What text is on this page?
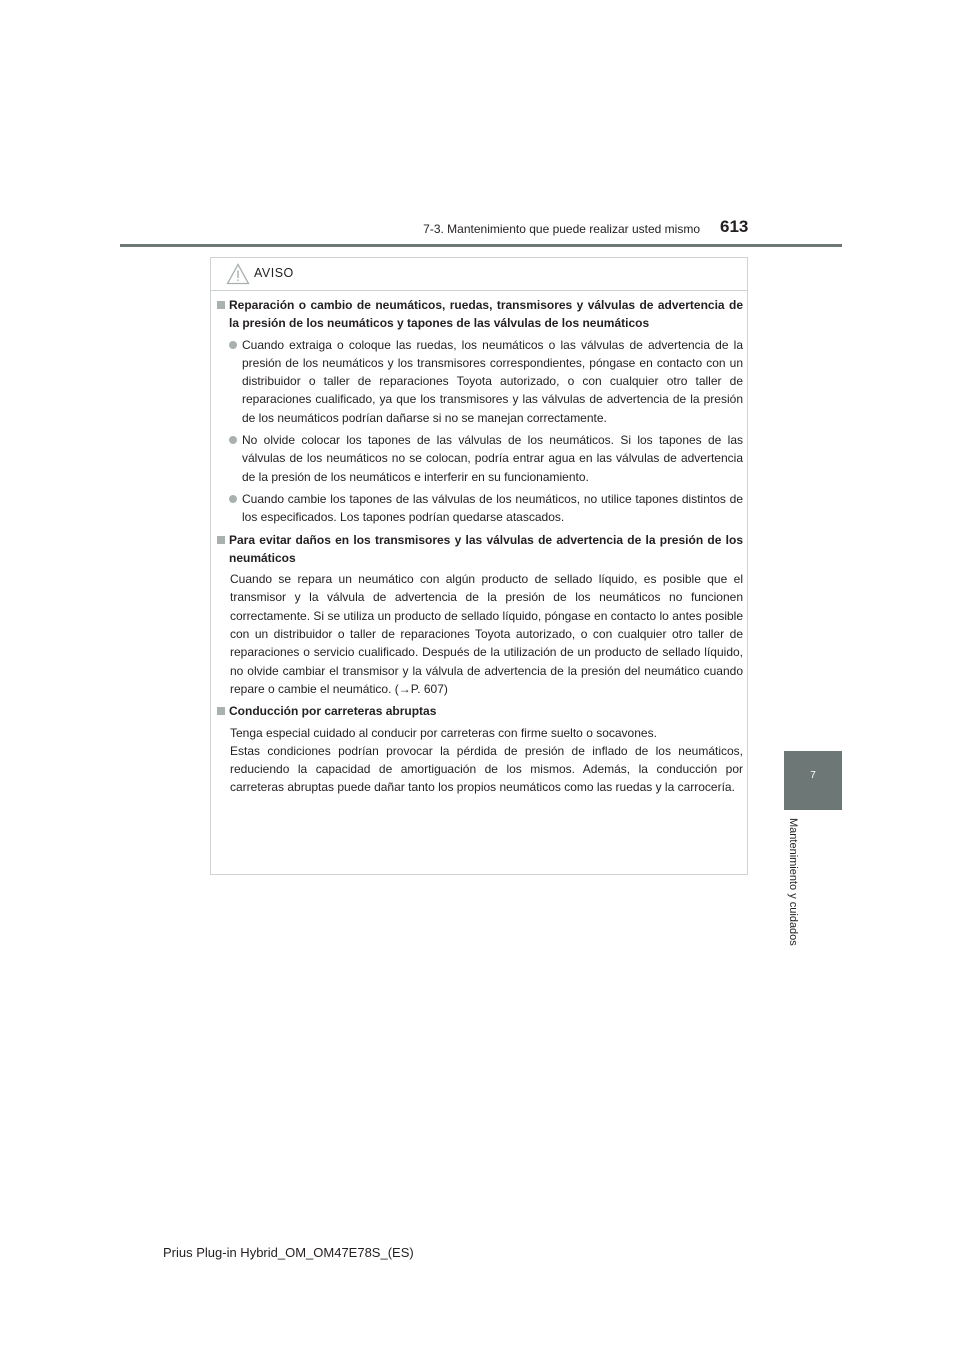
7-3. Mantenimiento que puede realizar usted mismo 613
7
Mantenimiento y cuidados
AVISO
Reparación o cambio de neumáticos, ruedas, transmisores y válvulas de advertencia de la presión de los neumáticos y tapones de las válvulas de los neumáticos
Cuando extraiga o coloque las ruedas, los neumáticos o las válvulas de advertencia de la presión de los neumáticos y los transmisores correspondientes, póngase en contacto con un distribuidor o taller de reparaciones Toyota autorizado, o con cualquier otro taller de reparaciones cualificado, ya que los transmisores y las válvulas de advertencia de la presión de los neumáticos podrían dañarse si no se manejan correctamente.
No olvide colocar los tapones de las válvulas de los neumáticos. Si los tapones de las válvulas de los neumáticos no se colocan, podría entrar agua en las válvulas de advertencia de la presión de los neumáticos e interferir en su funcionamiento.
Cuando cambie los tapones de las válvulas de los neumáticos, no utilice tapones distintos de los especificados. Los tapones podrían quedarse atascados.
Para evitar daños en los transmisores y las válvulas de advertencia de la presión de los neumáticos
Cuando se repara un neumático con algún producto de sellado líquido, es posible que el transmisor y la válvula de advertencia de la presión de los neumáticos no funcionen correctamente. Si se utiliza un producto de sellado líquido, póngase en contacto lo antes posible con un distribuidor o taller de reparaciones Toyota autorizado, o con cualquier otro taller de reparaciones o servicio cualificado. Después de la utilización de un producto de sellado líquido, no olvide cambiar el transmisor y la válvula de advertencia de la presión del neumático cuando repare o cambie el neumático. (→P. 607)
Conducción por carreteras abruptas
Tenga especial cuidado al conducir por carreteras con firme suelto o socavones.
Estas condiciones podrían provocar la pérdida de presión de inflado de los neumáticos, reduciendo la capacidad de amortiguación de los mismos. Además, la conducción por carreteras abruptas puede dañar tanto los propios neumáticos como las ruedas y la carrocería.
Prius Plug-in Hybrid_OM_OM47E78S_(ES)
